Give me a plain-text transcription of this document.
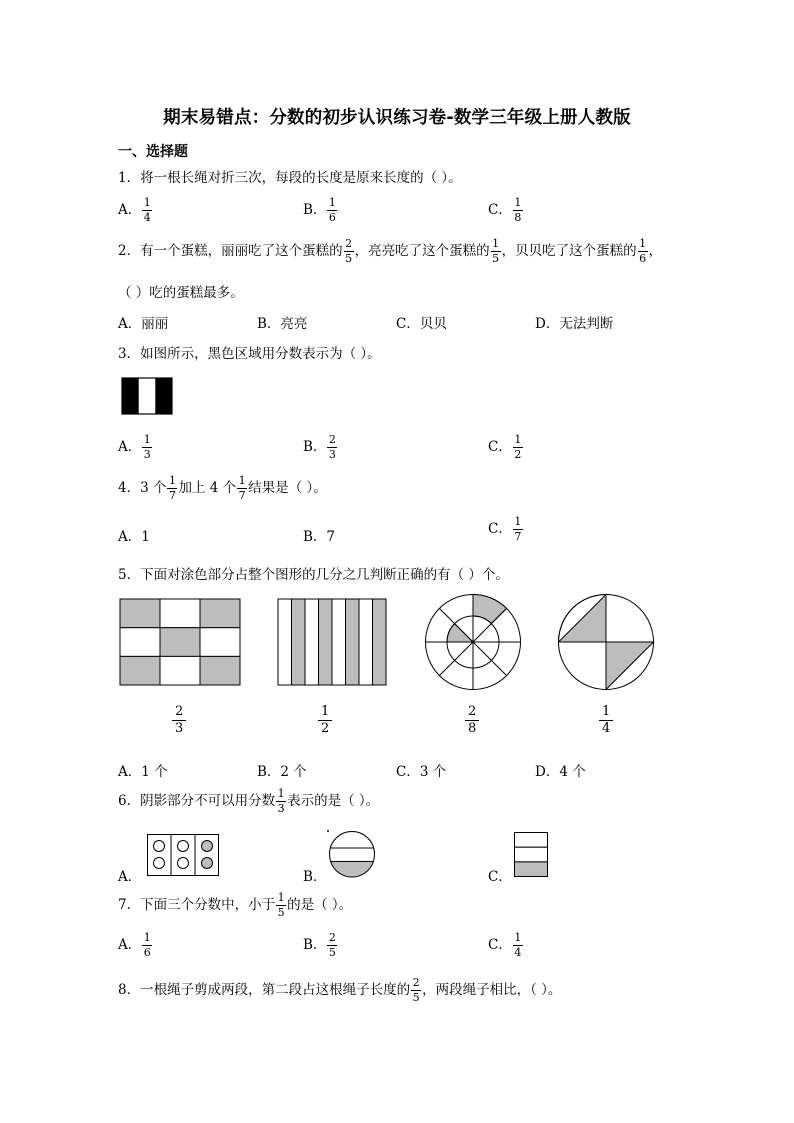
期末易错点：分数的初步认识练习卷-数学三年级上册人教版
一、选择题
1．将一根长绳对折三次，每段的长度是原来长度的（ ）。
A． $\frac{1}{4}$	B． $\frac{1}{6}$	C． $\frac{1}{8}$
2．有一个蛋糕，丽丽吃了这个蛋糕的 $\frac{2}{5}$ ，亮亮吃了这个蛋糕的 $\frac{1}{5}$ ，贝贝吃了这个蛋糕的 $\frac{1}{6}$ ，
（ ）吃的蛋糕最多。
A．丽丽	B．亮亮	C．贝贝	D．无法判断
3．如图所示，黑色区域用分数表示为（ ）。
A． $\frac{1}{3}$	B． $\frac{2}{3}$	C． $\frac{1}{2}$
4．3 个 $\frac{1}{7}$ 加上 4 个 $\frac{1}{7}$ 结果是（ ）。
A．1	B．7	C． $\frac{1}{7}$
5．下面对涂色部分占整个图形的几分之几判断正确的有（ ）个。
2
3
1
2
2
8
1
4
A．1 个	B．2 个	C．3 个	D．4 个
6．阴影部分不可以用分数 $\frac{1}{3}$ 表示的是（ ）。
A．	B．	C．
7．下面三个分数中，小于 $\frac{1}{5}$ 的是（ ）。
A． $\frac{1}{6}$	B． $\frac{2}{5}$	C． $\frac{1}{4}$
8．一根绳子剪成两段，第二段占这根绳子长度的 $\frac{2}{5}$ ，两段绳子相比，（ ）。
